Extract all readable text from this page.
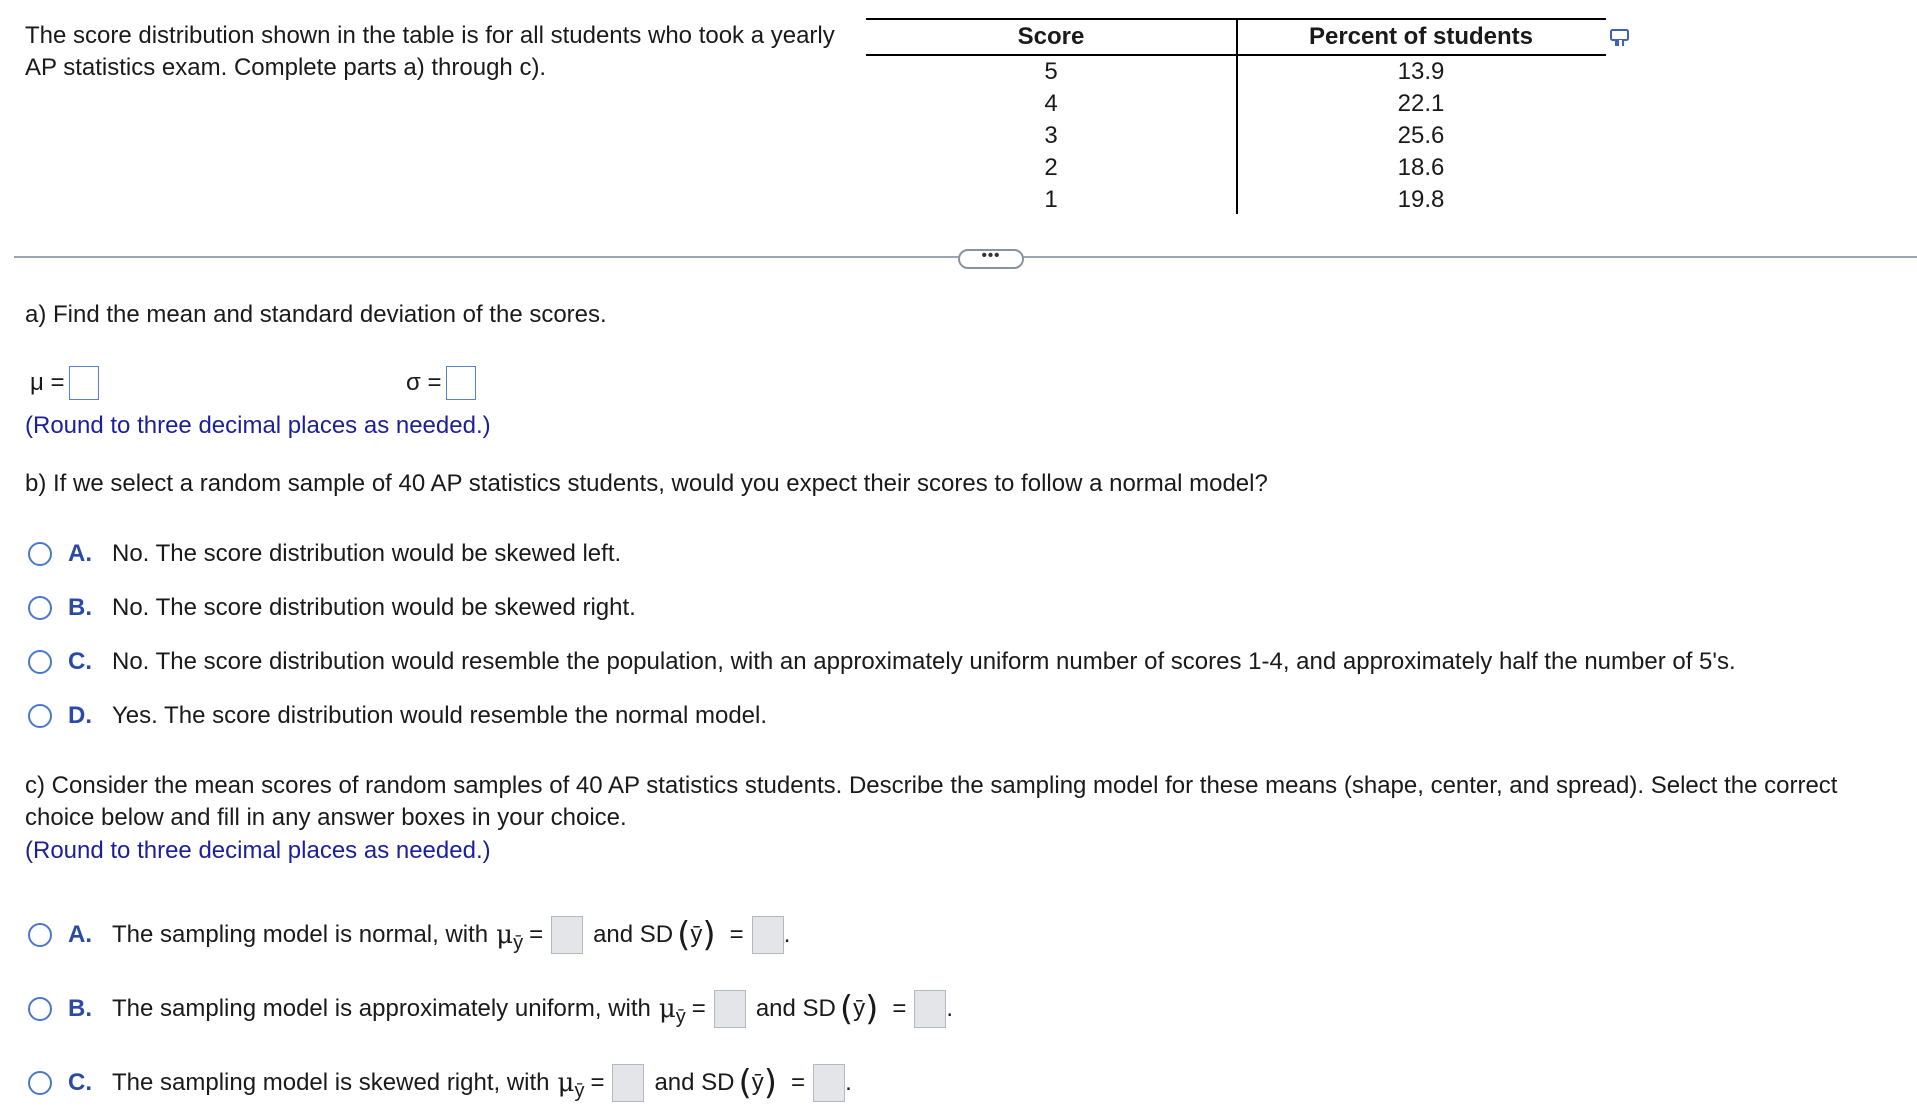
The score distribution shown in the table is for all students who took a yearly AP statistics exam. Complete parts a) through c).
Score	Percent of students
5	13.9
4	22.1
3	25.6
2	18.6
1	19.8
•••
a) Find the mean and standard deviation of the scores.
μ =	σ =
(Round to three decimal places as needed.)
b) If we select a random sample of 40 AP statistics students, would you expect their scores to follow a normal model?
A. No. The score distribution would be skewed left.
B. No. The score distribution would be skewed right.
C. No. The score distribution would resemble the population, with an approximately uniform number of scores 1-4, and approximately half the number of 5's.
D. Yes. The score distribution would resemble the normal model.
c) Consider the mean scores of random samples of 40 AP statistics students. Describe the sampling model for these means (shape, center, and spread). Select the correct choice below and fill in any answer boxes in your choice.
(Round to three decimal places as needed.)
A. The sampling model is normal, with μ ȳ = and SD ( ȳ ) = .
B. The sampling model is approximately uniform, with μ ȳ = and SD ( ȳ ) = .
C. The sampling model is skewed right, with μ ȳ = and SD ( ȳ ) = .
